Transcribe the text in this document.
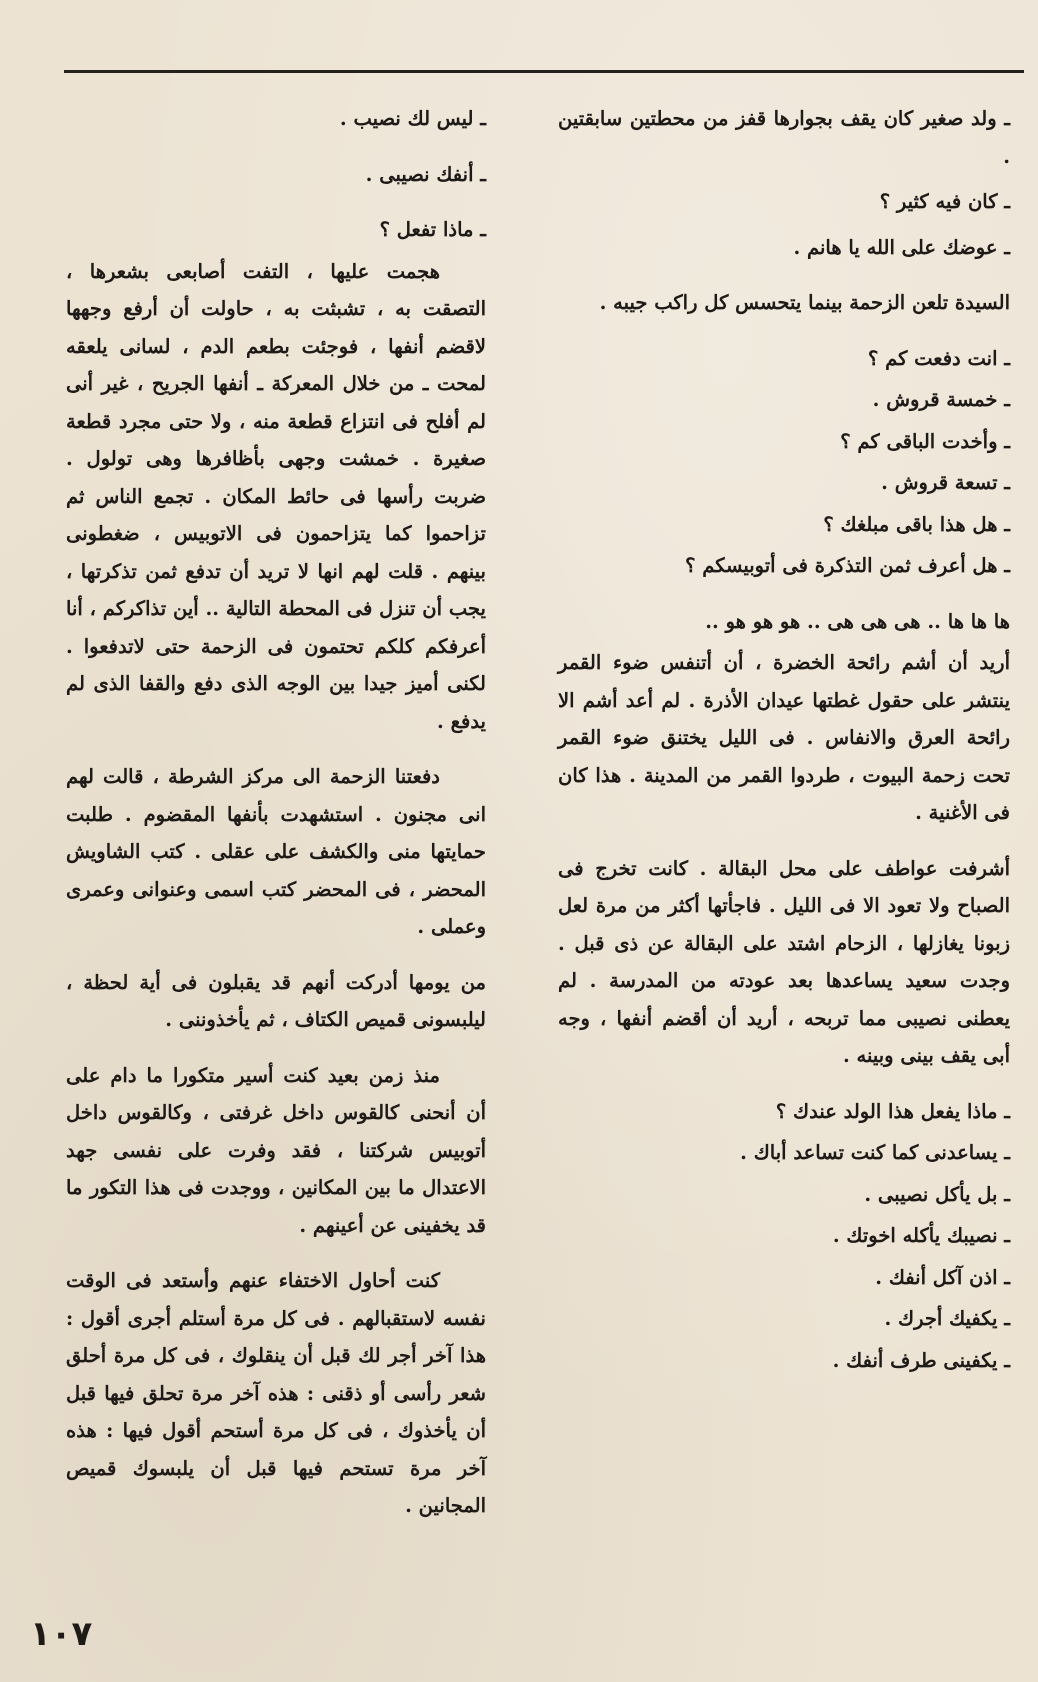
ـ ولد صغير كان يقف بجوارها قفز من محطتين سابقتين .

ـ كان فيه كثير ؟

ـ عوضك على الله يا هانم .

السيدة تلعن الزحمة بينما يتحسس كل راكب جيبه .

ـ انت دفعت كم ؟

ـ خمسة قروش .

ـ وأخدت الباقى كم ؟

ـ تسعة قروش .

ـ هل هذا باقى مبلغك ؟

ـ هل أعرف ثمن التذكرة فى أتوبيسكم ؟

ها ها ها .. هى هى هى .. هو هو هو ..

أريد أن أشم رائحة الخضرة ، أن أتنفس ضوء القمر ينتشر على حقول غطتها عيدان الأذرة . لم أعد أشم الا رائحة العرق والانفاس . فى الليل يختنق ضوء القمر تحت زحمة البيوت ، طردوا القمر من المدينة . هذا كان فى الأغنية .

أشرفت عواطف على محل البقالة . كانت تخرج فى الصباح ولا تعود الا فى الليل . فاجأتها أكثر من مرة لعل زبونا يغازلها ، الزحام اشتد على البقالة عن ذى قبل . وجدت سعيد يساعدها بعد عودته من المدرسة . لم يعطنى نصيبى مما تربحه ، أريد أن أقضم أنفها ، وجه أبى يقف بينى وبينه .

ـ ماذا يفعل هذا الولد عندك ؟

ـ يساعدنى كما كنت تساعد أباك .

ـ بل يأكل نصيبى .

ـ نصيبك يأكله اخوتك .

ـ اذن آكل أنفك .

ـ يكفيك أجرك .

ـ يكفينى طرف أنفك .

ـ ليس لك نصيب .

ـ أنفك نصيبى .

ـ ماذا تفعل ؟

هجمت عليها ، التفت أصابعى بشعرها ، التصقت به ، تشبثت به ، حاولت أن أرفع وجهها لاقضم أنفها ، فوجئت بطعم الدم ، لسانى يلعقه لمحت ـ من خلال المعركة ـ أنفها الجريح ، غير أنى لم أفلح فى انتزاع قطعة منه ، ولا حتى مجرد قطعة صغيرة . خمشت وجهى بأظافرها وهى تولول . ضربت رأسها فى حائط المكان . تجمع الناس ثم تزاحموا كما يتزاحمون فى الاتوبيس ، ضغطونى بينهم . قلت لهم انها لا تريد أن تدفع ثمن تذكرتها ، يجب أن تنزل فى المحطة التالية .. أين تذاكركم ، أنا أعرفكم كلكم تحتمون فى الزحمة حتى لاتدفعوا . لكنى أميز جيدا بين الوجه الذى دفع والقفا الذى لم يدفع .

دفعتنا الزحمة الى مركز الشرطة ، قالت لهم انى مجنون . استشهدت بأنفها المقضوم . طلبت حمايتها منى والكشف على عقلى . كتب الشاويش المحضر ، فى المحضر كتب اسمى وعنوانى وعمرى وعملى .

من يومها أدركت أنهم قد يقبلون فى أية لحظة ، ليلبسونى قميص الكتاف ، ثم يأخذوننى .

منذ زمن بعيد كنت أسير متكورا ما دام على أن أنحنى كالقوس داخل غرفتى ، وكالقوس داخل أتوبيس شركتنا ، فقد وفرت على نفسى جهد الاعتدال ما بين المكانين ، ووجدت فى هذا التكور ما قد يخفينى عن أعينهم .

كنت أحاول الاختفاء عنهم وأستعد فى الوقت نفسه لاستقبالهم . فى كل مرة أستلم أجرى أقول : هذا آخر أجر لك قبل أن ينقلوك ، فى كل مرة أحلق شعر رأسى أو ذقنى : هذه آخر مرة تحلق فيها قبل أن يأخذوك ، فى كل مرة أستحم أقول فيها : هذه آخر مرة تستحم فيها قبل أن يلبسوك قميص المجانين .

١٠٧
